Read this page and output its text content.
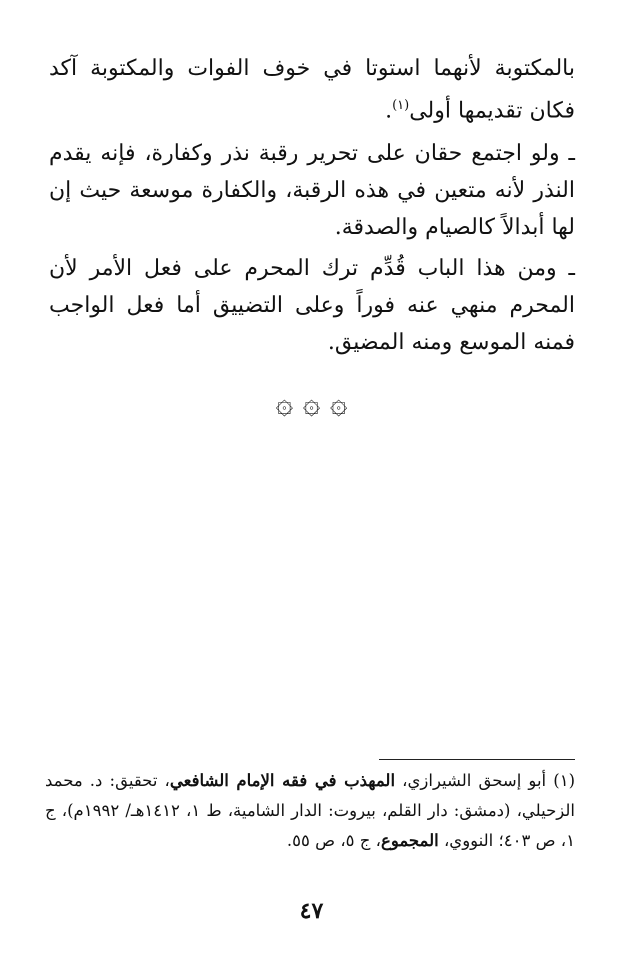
بالمكتوبة لأنهما استوتا في خوف الفوات والمكتوبة آكد فكان تقديمها أولى$^{(١)}$.

ـ ولو اجتمع حقان على تحرير رقبة نذر وكفارة، فإنه يقدم النذر لأنه متعين في هذه الرقبة، والكفارة موسعة حيث إن لها أبدالاً كالصيام والصدقة.

ـ ومن هذا الباب قُدِّم ترك المحرم على فعل الأمر لأن المحرم منهي عنه فوراً وعلى التضييق أما فعل الواجب فمنه الموسع ومنه المضيق.

۞ ۞ ۞

(١) أبو إسحق الشيرازي، المهذب في فقه الإمام الشافعي، تحقيق: د. محمد الزحيلي، (دمشق: دار القلم، بيروت: الدار الشامية، ط ١، ١٤١٢هـ/ ١٩٩٢م)، ج ١، ص ٤٠٣؛ النووي، المجموع، ج ٥، ص ٥٥.

٤٧
